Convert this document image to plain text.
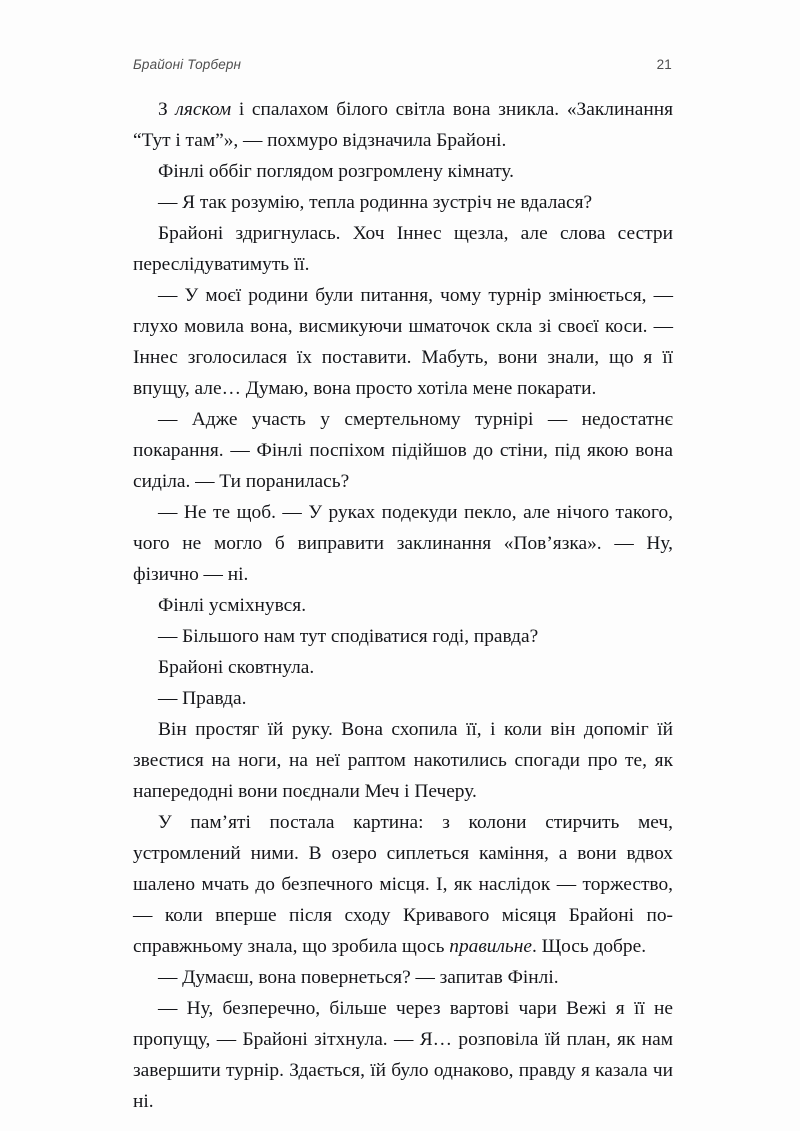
Брайоні Торберн	21

З ляском і спалахом білого світла вона зникла. «Заклинання “Тут і там”», — похмуро відзначила Брайоні.

Фінлі оббіг поглядом розгромлену кімнату.

— Я так розумію, тепла родинна зустріч не вдалася?

Брайоні здригнулась. Хоч Іннес щезла, але слова сестри переслідуватимуть її.

— У моєї родини були питання, чому турнір змінюється, — глухо мовила вона, висмикуючи шматочок скла зі своєї коси. — Іннес зголосилася їх поставити. Мабуть, вони знали, що я її впущу, але… Думаю, вона просто хотіла мене покарати.

— Адже участь у смертельному турнірі — недостатнє покарання. — Фінлі поспіхом підійшов до стіни, під якою вона сиділа. — Ти поранилась?

— Не те щоб. — У руках подекуди пекло, але нічого такого, чого не могло б виправити заклинання «Пов’язка». — Ну, фізично — ні.

Фінлі усміхнувся.

— Більшого нам тут сподіватися годі, правда?

Брайоні сковтнула.

— Правда.

Він простяг їй руку. Вона схопила її, і коли він допоміг їй звестися на ноги, на неї раптом накотились спогади про те, як напередодні вони поєднали Меч і Печеру.

У пам’яті постала картина: з колони стирчить меч, устромлений ними. В озеро сиплеться каміння, а вони вдвох шалено мчать до безпечного місця. І, як наслідок — торжество, — коли вперше після сходу Кривавого місяця Брайоні по-справжньому знала, що зробила щось правильне. Щось добре.

— Думаєш, вона повернеться? — запитав Фінлі.

— Ну, безперечно, більше через вартові чари Вежі я її не пропущу, — Брайоні зітхнула. — Я… розповіла їй план, як нам завершити турнір. Здається, їй було однаково, правду я казала чи ні.
